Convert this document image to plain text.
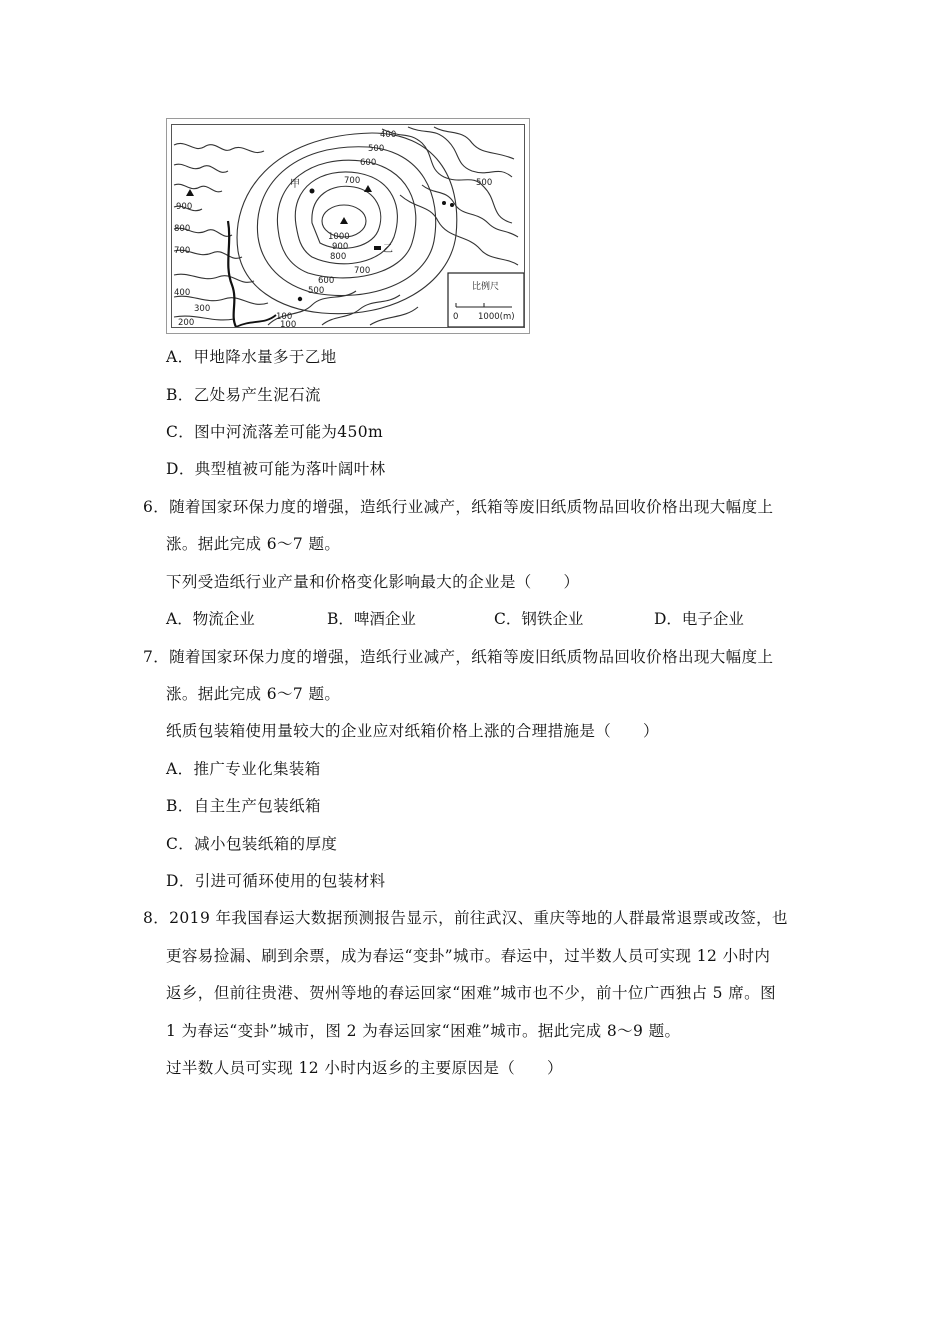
400
500
600
700
1000
900
800
700
600
500
400
300
200
100
900
800
700
100
500
甲
乙
比例尺
0 1000(m)
A．甲地降水量多于乙地
B．乙处易产生泥石流
C．图中河流落差可能为450m
D．典型植被可能为落叶阔叶林
6．随着国家环保力度的增强，造纸行业减产，纸箱等废旧纸质物品回收价格出现大幅度上
涨。据此完成 6～7 题。
下列受造纸行业产量和价格变化影响最大的企业是（　　）
A．物流企业	B．啤酒企业	C．钢铁企业	D．电子企业
7．随着国家环保力度的增强，造纸行业减产，纸箱等废旧纸质物品回收价格出现大幅度上
涨。据此完成 6～7 题。
纸质包装箱使用量较大的企业应对纸箱价格上涨的合理措施是（　　）
A．推广专业化集装箱
B．自主生产包装纸箱
C．减小包装纸箱的厚度
D．引进可循环使用的包装材料
8．2019 年我国春运大数据预测报告显示，前往武汉、重庆等地的人群最常退票或改签，也
更容易捡漏、刷到余票，成为春运“变卦”城市。春运中，过半数人员可实现 12 小时内
返乡，但前往贵港、贺州等地的春运回家“困难”城市也不少，前十位广西独占 5 席。图
1 为春运“变卦”城市，图 2 为春运回家“困难”城市。据此完成 8～9 题。
过半数人员可实现 12 小时内返乡的主要原因是（　　）
